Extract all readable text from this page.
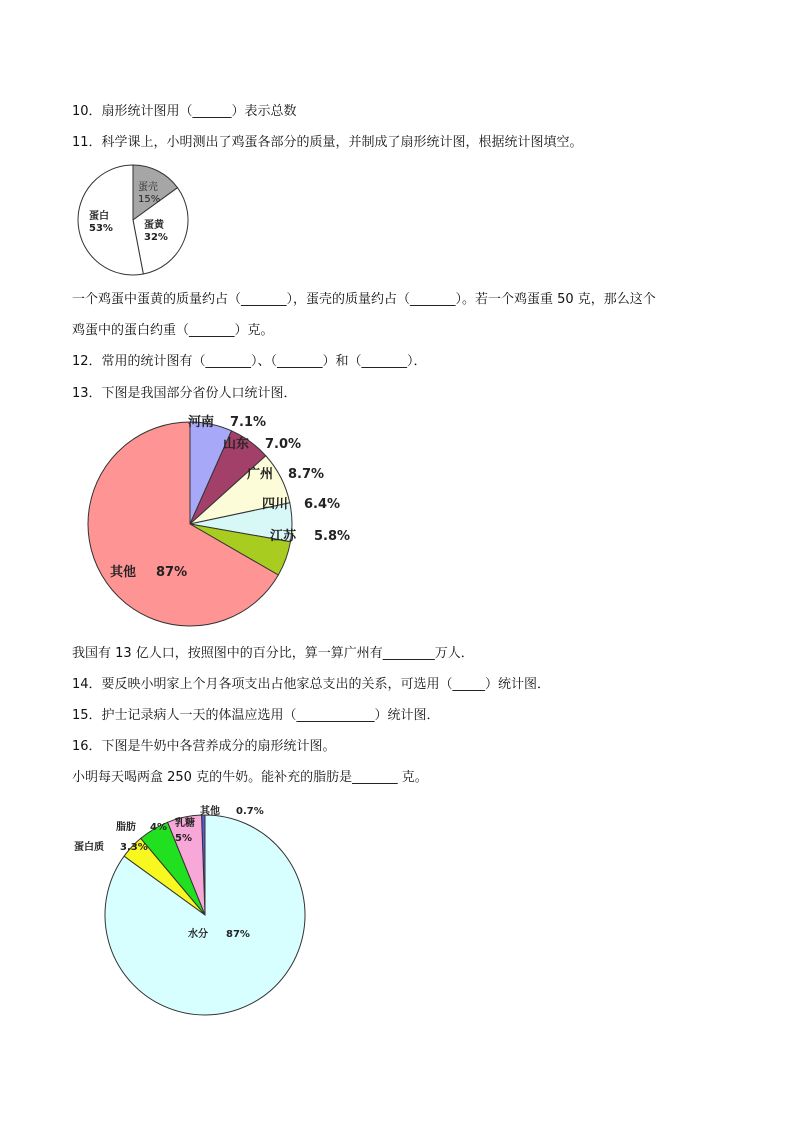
10．扇形统计图用（______）表示总数
11．科学课上，小明测出了鸡蛋各部分的质量，并制成了扇形统计图，根据统计图填空。
蛋壳
15%
蛋黄
32%
蛋白
53%
一个鸡蛋中蛋黄的质量约占（_______），蛋壳的质量约占（_______）。若一个鸡蛋重 50 克，那么这个
鸡蛋中的蛋白约重（_______）克。
12．常用的统计图有（_______）、（_______）和（_______）．
13．下图是我国部分省份人口统计图．
河南 7.1%
山东 7.0%
广州 8.7%
四川 6.4%
江苏 5.8%
其他 87%
我国有 13 亿人口，按照图中的百分比，算一算广州有________万人．
14．要反映小明家上个月各项支出占他家总支出的关系，可选用（_____）统计图．
15．护士记录病人一天的体温应选用（____________）统计图．
16．下图是牛奶中各营养成分的扇形统计图。
小明每天喝两盒 250 克的牛奶。能补充的脂肪是_______ 克。
其他 0.7%
乳糖
5%
脂肪 4%
蛋白质 3.3%
水分 87%
